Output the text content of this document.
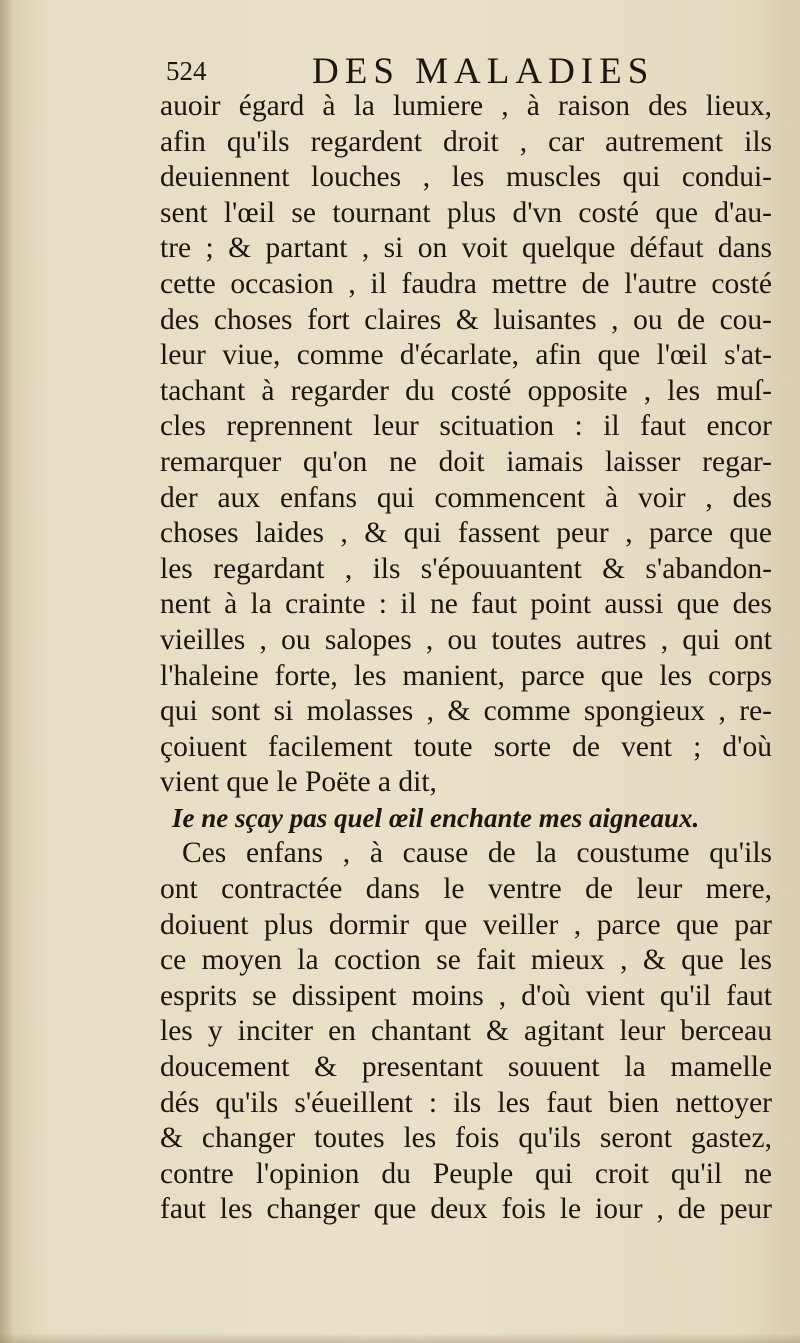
524	DES MALADIES
auoir égard à la lumiere , à raison des lieux,
afin qu'ils regardent droit , car autrement ils
deuiennent louches , les muscles qui condui-
sent l'œil se tournant plus d'vn costé que d'au-
tre ; & partant , si on voit quelque défaut dans
cette occasion , il faudra mettre de l'autre costé
des choses fort claires & luisantes , ou de cou-
leur viue, comme d'écarlate, afin que l'œil s'at-
tachant à regarder du costé opposite , les muſ-
cles reprennent leur scituation : il faut encor
remarquer qu'on ne doit iamais laisser regar-
der aux enfans qui commencent à voir , des
choses laides , & qui fassent peur , parce que
les regardant , ils s'épouuantent & s'abandon-
nent à la crainte : il ne faut point aussi que des
vieilles , ou salopes , ou toutes autres , qui ont
l'haleine forte, les manient, parce que les corps
qui sont si molasses , & comme spongieux , re-
çoiuent facilement toute sorte de vent ; d'où
vient que le Poëte a dit,
Ie ne sçay pas quel œil enchante mes aigneaux.
Ces enfans , à cause de la coustume qu'ils
ont contractée dans le ventre de leur mere,
doiuent plus dormir que veiller , parce que par
ce moyen la coction se fait mieux , & que les
esprits se dissipent moins , d'où vient qu'il faut
les y inciter en chantant & agitant leur berceau
doucement & presentant souuent la mamelle
dés qu'ils s'éueillent : ils les faut bien nettoyer
& changer toutes les fois qu'ils seront gastez,
contre l'opinion du Peuple qui croit qu'il ne
faut les changer que deux fois le iour , de peur
